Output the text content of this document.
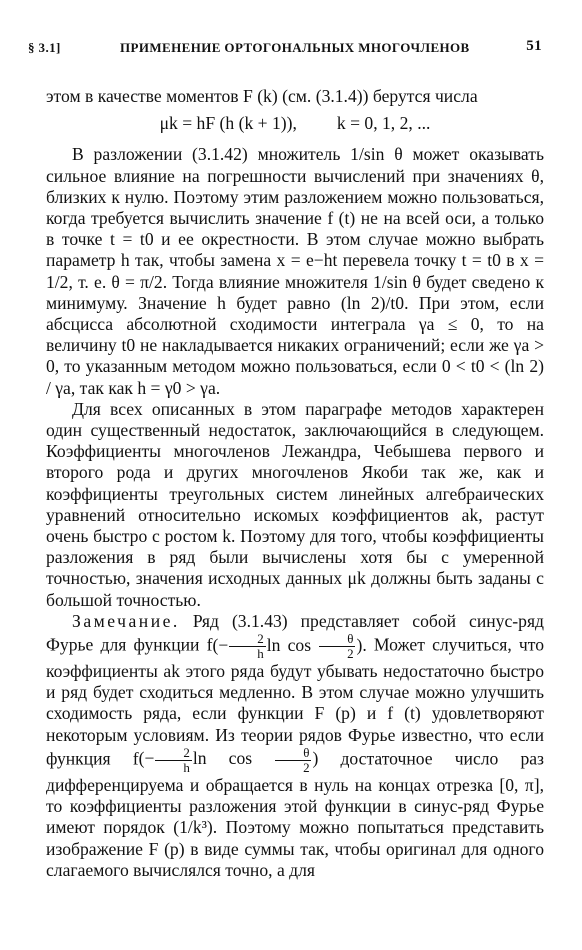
§ 3.1]	ПРИМЕНЕНИЕ ОРТОГОНАЛЬНЫХ МНОГОЧЛЕНОВ	51

этом в качестве моментов F (k) (см. (3.1.4)) берутся числа

μk = hF (h (k + 1)), k = 0, 1, 2, ...

В разложении (3.1.42) множитель 1/sin θ может оказывать сильное влияние на погрешности вычислений при значениях θ, близких к нулю. Поэтому этим разложением можно пользоваться, когда требуется вычислить значение f (t) не на всей оси, а только в точке t = t0 и ее окрестности. В этом случае можно выбрать параметр h так, чтобы замена x = e−ht перевела точку t = t0 в x = 1/2, т. е. θ = π/2. Тогда влияние множителя 1/sin θ будет сведено к минимуму. Значение h будет равно (ln 2)/t0. При этом, если абсцисса абсолютной сходимости интеграла γa ≤ 0, то на величину t0 не накладывается никаких ограничений; если же γa > 0, то указанным методом можно пользоваться, если 0 < t0 < (ln 2) / γa, так как h = γ0 > γa.

Для всех описанных в этом параграфе методов характерен один существенный недостаток, заключающийся в следующем. Коэффициенты многочленов Лежандра, Чебышева первого и второго рода и других многочленов Якоби так же, как и коэффициенты треугольных систем линейных алгебраических уравнений относительно искомых коэффициентов ak, растут очень быстро с ростом k. Поэтому для того, чтобы коэффициенты разложения в ряд были вычислены хотя бы с умеренной точностью, значения исходных данных μk должны быть заданы с большой точностью.

Замечание. Ряд (3.1.43) представляет собой синус-ряд Фурье для функции $f(- \frac{2}{h}$ $\ln \cos \frac{\theta}{2}$ ). Может случиться, что коэффициенты ak этого ряда будут убывать недостаточно быстро и ряд будет сходиться медленно. В этом случае можно улучшить сходимость ряда, если функции F (p) и f (t) удовлетворяют некоторым условиям. Из теории рядов Фурье известно, что если функция $f(- \frac{2}{h}$ $\ln \cos \frac{\theta}{2}$ ) достаточное число раз дифференцируема и обращается в нуль на концах отрезка [0, π], то коэффициенты разложения этой функции в синус-ряд Фурье имеют порядок (1/k³). Поэтому можно попытаться представить изображение F (p) в виде суммы так, чтобы оригинал для одного слагаемого вычислялся точно, а для
